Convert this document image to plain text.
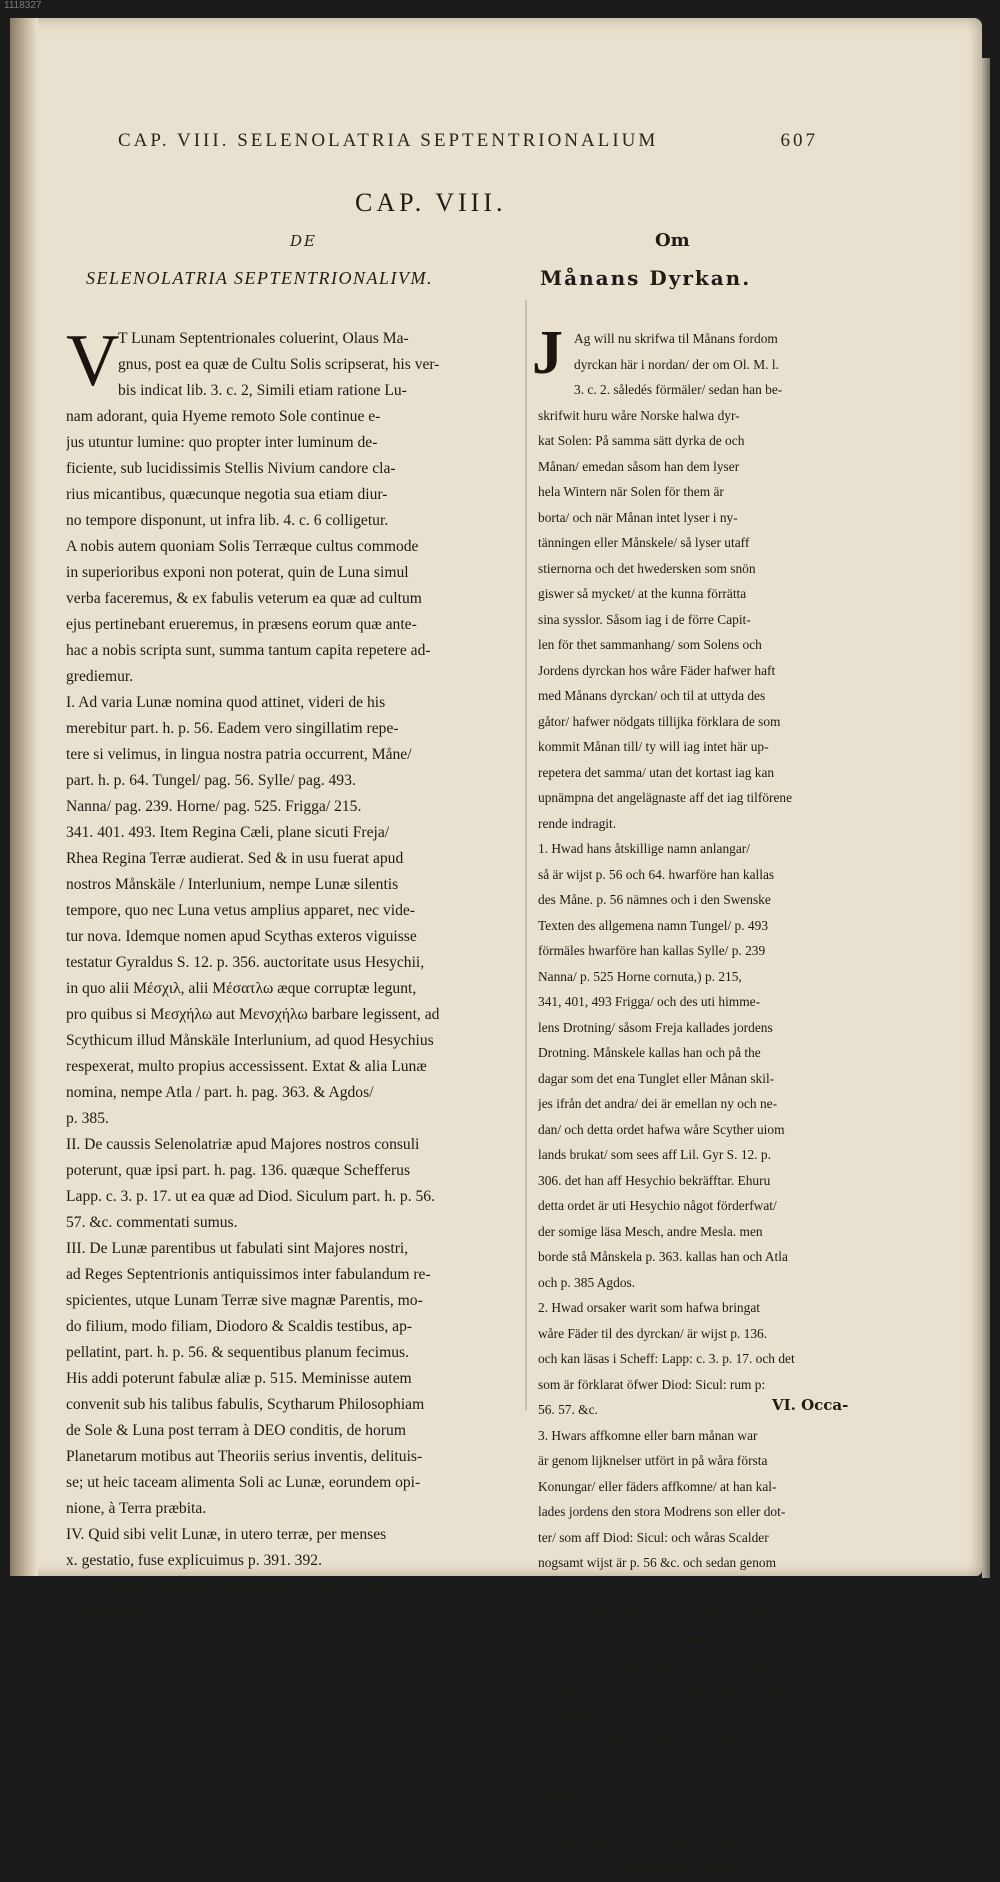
1118327
CAP. VIII. SELENOLATRIA SEPTENTRIONALIUM	607
CAP. VIII.
DE	Om
SELENOLATRIA SEPTENTRIONALIVM.	Månans Dyrkan.
V
T Lunam Septentrionales coluerint, Olaus Ma-
gnus, post ea quæ de Cultu Solis scripserat, his ver-
bis indicat lib. 3. c. 2, Simili etiam ratione Lu-
nam adorant, quia Hyeme remoto Sole continue e-
jus utuntur lumine: quo propter inter luminum de-
ficiente, sub lucidissimis Stellis Nivium candore cla-
rius micantibus, quæcunque negotia sua etiam diur-
no tempore disponunt, ut infra lib. 4. c. 6 colligetur.
A nobis autem quoniam Solis Terræque cultus commode
in superioribus exponi non poterat, quin de Luna simul
verba faceremus, & ex fabulis veterum ea quæ ad cultum
ejus pertinebant erueremus, in præsens eorum quæ ante-
hac a nobis scripta sunt, summa tantum capita repetere ad-
grediemur.
I. Ad varia Lunæ nomina quod attinet, videri de his
merebitur part. h. p. 56. Eadem vero singillatim repe-
tere si velimus, in lingua nostra patria occurrent, Måne/
part. h. p. 64. Tungel/ pag. 56. Sylle/ pag. 493.
Nanna/ pag. 239. Horne/ pag. 525. Frigga/ 215.
341. 401. 493. Item Regina Cæli, plane sicuti Freja/
Rhea Regina Terræ audierat. Sed & in usu fuerat apud
nostros Månskäle / Interlunium, nempe Lunæ silentis
tempore, quo nec Luna vetus amplius apparet, nec vide-
tur nova. Idemque nomen apud Scythas exteros viguisse
testatur Gyraldus S. 12. p. 356. auctoritate usus Hesychii,
in quo alii Μέσχιλ, alii Μέσατλω æque corruptæ legunt,
pro quibus si Μεσχήλω aut Μενσχήλω barbare legissent, ad
Scythicum illud Månskäle Interlunium, ad quod Hesychius
respexerat, multo propius accessissent. Extat & alia Lunæ
nomina, nempe Atla / part. h. pag. 363. & Agdos/
p. 385.
II. De caussis Selenolatriæ apud Majores nostros consuli
poterunt, quæ ipsi part. h. pag. 136. quæque Schefferus
Lapp. c. 3. p. 17. ut ea quæ ad Diod. Siculum part. h. p. 56.
57. &c. commentati sumus.
III. De Lunæ parentibus ut fabulati sint Majores nostri,
ad Reges Septentrionis antiquissimos inter fabulandum re-
spicientes, utque Lunam Terræ sive magnæ Parentis, mo-
do filium, modo filiam, Diodoro & Scaldis testibus, ap-
pellatint, part. h. p. 56. & sequentibus planum fecimus.
His addi poterunt fabulæ aliæ p. 515. Meminisse autem
convenit sub his talibus fabulis, Scytharum Philosophiam
de Sole & Luna post terram à DEO conditis, de horum
Planetarum motibus aut Theoriis serius inventis, delituis-
se; ut heic taceam alimenta Soli ac Lunæ, eorundem opi-
nione, à Terra præbita.
IV. Quid sibi velit Lunæ, in utero terræ, per menses
x. gestatio, fuse explicuimus p. 391. 392.
V. Cur Luna Solis pellex dicta fuerit, p. 341. & 391.
expositum est.
J Ag will nu skrifwa til Månans fordom
dyrckan här i nordan/ der om Ol. M. l.
3. c. 2. såledés förmäler/ sedan han be-
skrifwit huru wåre Norske halwa dyr-
kat Solen: På samma sätt dyrka de och
Månan/ emedan såsom han dem lyser
hela Wintern när Solen för them är
borta/ och när Månan intet lyser i ny-
tänningen eller Månskele/ så lyser utaff
stiernorna och det hwedersken som snön
giswer så mycket/ at the kunna förrätta
sina sysslor. Såsom iag i de förre Capit-
len för thet sammanhang/ som Solens och
Jordens dyrckan hos wåre Fäder hafwer haft
med Månans dyrckan/ och til at uttyda des
gåtor/ hafwer nödgats tillijka förklara de som
kommit Månan till/ ty will iag intet här up-
repetera det samma/ utan det kortast iag kan
upnämpna det angelägnaste aff det iag tilförene
rende indragit.
1. Hwad hans åtskillige namn anlangar/
så är wijst p. 56 och 64. hwarföre han kallas
des Måne. p. 56 nämnes och i den Swenske
Texten des allgemena namn Tungel/ p. 493
förmäles hwarföre han kallas Sylle/ p. 239
Nanna/ p. 525 Horne cornuta,) p. 215,
341, 401, 493 Frigga/ och des uti himme-
lens Drotning/ såsom Freja kallades jordens
Drotning. Månskele kallas han och på the
dagar som det ena Tunglet eller Månan skil-
jes ifrån det andra/ dei är emellan ny och ne-
dan/ och detta ordet hafwa wåre Scyther uiom
lands brukat/ som sees aff Lil. Gyr S. 12. p.
306. det han aff Hesychio bekräfftar. Ehuru
detta ordet är uti Hesychio något förderfwat/
der somige läsa Mesch, andre Mesla. men
borde stå Månskela p. 363. kallas han och Atla
och p. 385 Agdos.
2. Hwad orsaker warit som hafwa bringat
wåre Fäder til des dyrckan/ är wijst p. 136.
och kan läsas i Scheff: Lapp: c. 3. p. 17. och det
som är förklarat öfwer Diod: Sicul: rum p:
56. 57. &c.
3. Hwars affkomne eller barn månan war
är genom lijknelser utfört in på wåra första
Konungar/ eller fäders affkomne/ at han kal-
lades jordens den stora Modrens son eller dot-
ter/ som aff Diod: Sicul: och wåras Scalder
nogsamt wijst är p. 56 &c. och sedan genom
andra gåtor p. 515 så och flerestädes/ och det
serdeles i affseende emedan Solen och Månan
blefwo senare skapade än Jorden/ och thes
wärckan och årliga wiskta lop senare bekante/
troendes och at Solen och Månan hade sin föda
aff jorden.
4. Hwarföre Månan sades wara födder
aff Jorden/ och det på 10 månan/ är widlyf-
teligen förklarat p. 391, 392.
5. Orsaken at Månan bleff Solens Frig-
ga eller Frilla är wijst p. 341 och 391.
6. Huru såsom Månans borttawarande
VI. Occa-
